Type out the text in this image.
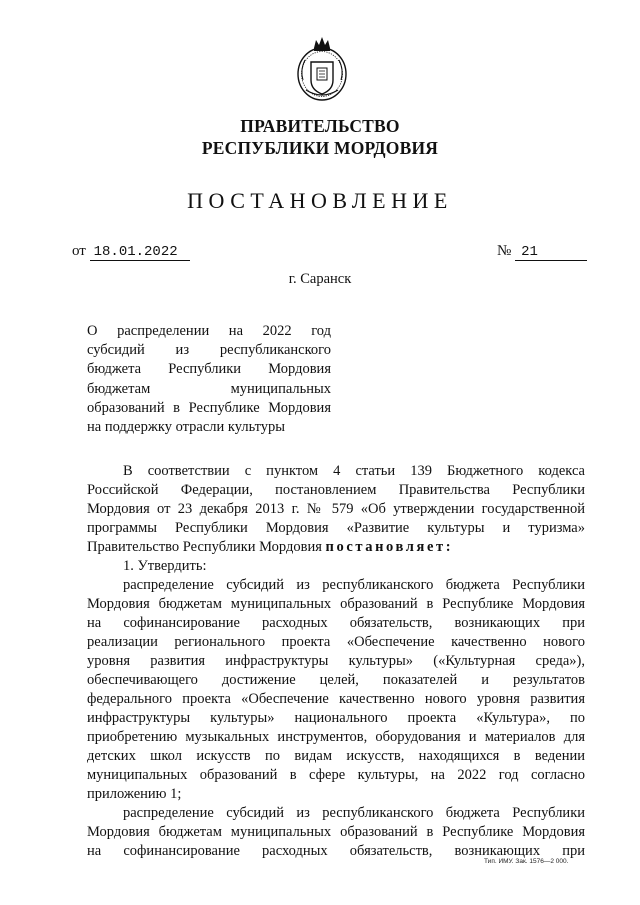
ПРАВИТЕЛЬСТВО
РЕСПУБЛИКИ МОРДОВИЯ
ПОСТАНОВЛЕНИЕ
от 18.01.2022	№ 21
г. Саранск
О распределении на 2022 год
субсидий из республиканского
бюджета Республики Мордовия
бюджетам муниципальных
образований в Республике Мордовия
на поддержку отрасли культуры
В соответствии с пунктом 4 статьи 139 Бюджетного кодекса
Российской Федерации, постановлением Правительства Республики
Мордовия от 23 декабря 2013 г. № 579 «Об утверждении государственной
программы Республики Мордовия «Развитие культуры и туризма»
Правительство Республики Мордовия постановляет:
1. Утвердить:
распределение субсидий из республиканского бюджета Республики
Мордовия бюджетам муниципальных образований в Республике Мордовия
на софинансирование расходных обязательств, возникающих при
реализации регионального проекта «Обеспечение качественно нового
уровня развития инфраструктуры культуры» («Культурная среда»),
обеспечивающего достижение целей, показателей и результатов
федерального проекта «Обеспечение качественно нового уровня развития
инфраструктуры культуры» национального проекта «Культура», по
приобретению музыкальных инструментов, оборудования и материалов для
детских школ искусств по видам искусств, находящихся в ведении
муниципальных образований в сфере культуры, на 2022 год согласно
приложению 1;
распределение субсидий из республиканского бюджета Республики
Мордовия бюджетам муниципальных образований в Республике Мордовия
на софинансирование расходных обязательств, возникающих при
Тип. ИМУ. Зак. 1576—2 000.
